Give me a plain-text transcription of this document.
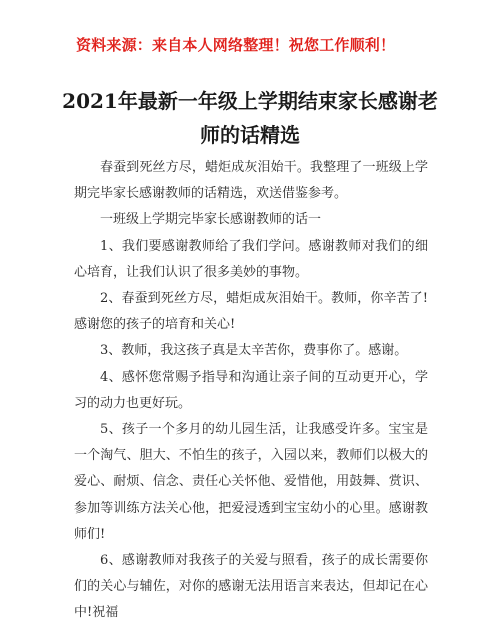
资料来源：来自本人网络整理！祝您工作顺利！
2021年最新一年级上学期结束家长感谢老师的话精选

春蚕到死丝方尽，蜡炬成灰泪始干。我整理了一班级上学期完毕家长感谢教师的话精选，欢送借鉴参考。

一班级上学期完毕家长感谢教师的话一

1、我们要感谢教师给了我们学问。感谢教师对我们的细心培育，让我们认识了很多美妙的事物。

2、春蚕到死丝方尽，蜡炬成灰泪始干。教师，你辛苦了!感谢您的孩子的培育和关心!

3、教师，我这孩子真是太辛苦你，费事你了。感谢。

4、感怀您常赐予指导和沟通让亲子间的互动更开心，学习的动力也更好玩。

5、孩子一个多月的幼儿园生活，让我感受许多。宝宝是一个淘气、胆大、不怕生的孩子，入园以来，教师们以极大的爱心、耐烦、信念、责任心关怀他、爱惜他，用鼓舞、赏识、参加等训练方法关心他，把爱浸透到宝宝幼小的心里。感谢教师们!

6、感谢教师对我孩子的关爱与照看，孩子的成长需要你们的关心与辅佐，对你的感谢无法用语言来表达，但却记在心中!祝福
